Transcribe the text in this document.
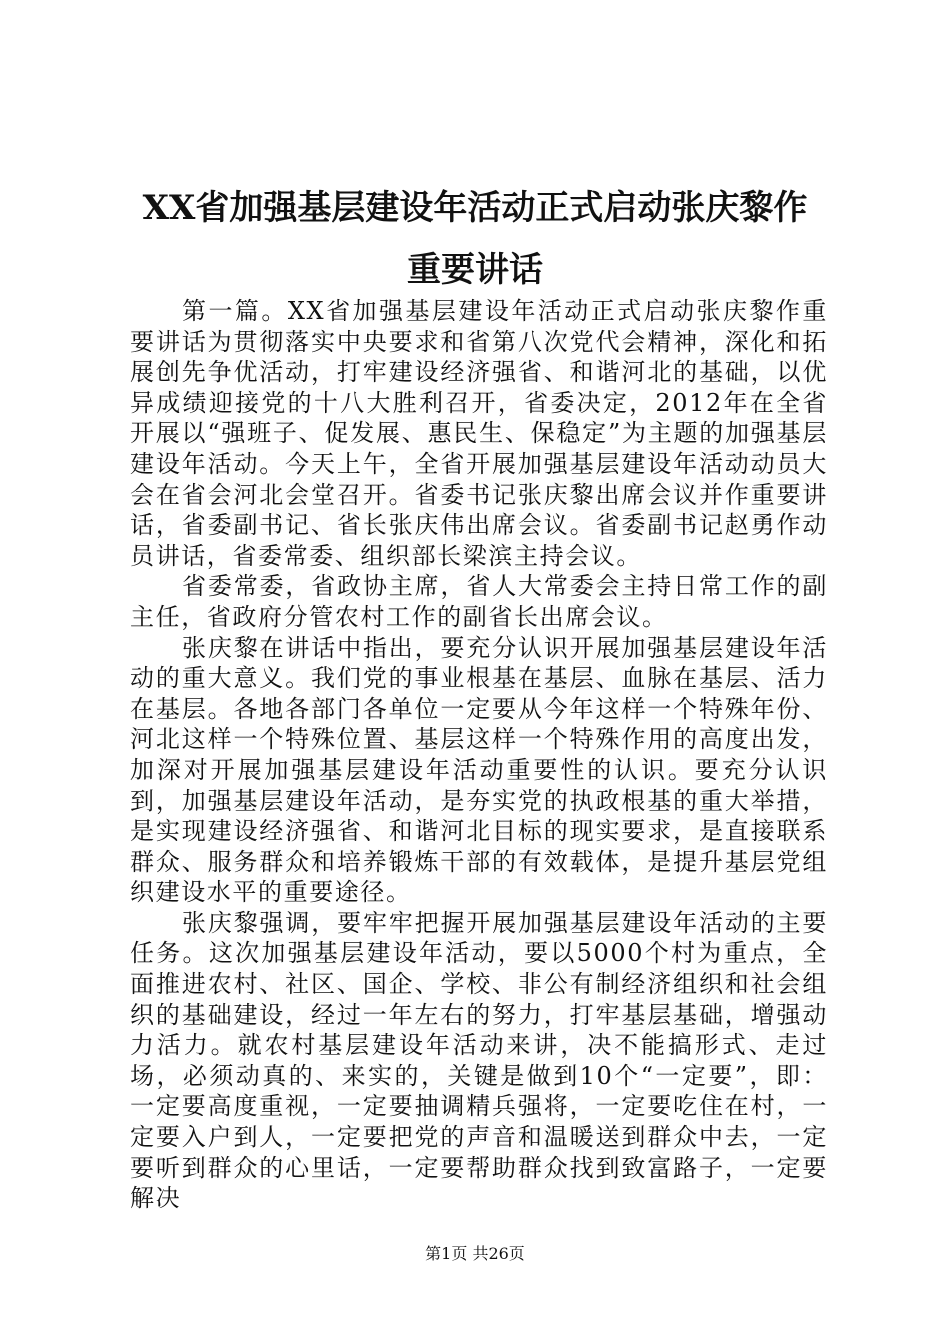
XX省加强基层建设年活动正式启动张庆黎作
重要讲话

第一篇。XX省加强基层建设年活动正式启动张庆黎作重要讲话为贯彻落实中央要求和省第八次党代会精神，深化和拓展创先争优活动，打牢建设经济强省、和谐河北的基础，以优异成绩迎接党的十八大胜利召开，省委决定，2012年在全省开展以“强班子、促发展、惠民生、保稳定”为主题的加强基层建设年活动。今天上午，全省开展加强基层建设年活动动员大会在省会河北会堂召开。省委书记张庆黎出席会议并作重要讲话，省委副书记、省长张庆伟出席会议。省委副书记赵勇作动员讲话，省委常委、组织部长梁滨主持会议。

省委常委，省政协主席，省人大常委会主持日常工作的副主任，省政府分管农村工作的副省长出席会议。

张庆黎在讲话中指出，要充分认识开展加强基层建设年活动的重大意义。我们党的事业根基在基层、血脉在基层、活力在基层。各地各部门各单位一定要从今年这样一个特殊年份、河北这样一个特殊位置、基层这样一个特殊作用的高度出发，加深对开展加强基层建设年活动重要性的认识。要充分认识到，加强基层建设年活动，是夯实党的执政根基的重大举措，是实现建设经济强省、和谐河北目标的现实要求，是直接联系群众、服务群众和培养锻炼干部的有效载体，是提升基层党组织建设水平的重要途径。

张庆黎强调，要牢牢把握开展加强基层建设年活动的主要任务。这次加强基层建设年活动，要以5000个村为重点，全面推进农村、社区、国企、学校、非公有制经济组织和社会组织的基础建设，经过一年左右的努力，打牢基层基础，增强动力活力。就农村基层建设年活动来讲，决不能搞形式、走过场，必须动真的、来实的，关键是做到10个“一定要”，即：一定要高度重视，一定要抽调精兵强将，一定要吃住在村，一定要入户到人，一定要把党的声音和温暖送到群众中去，一定要听到群众的心里话，一定要帮助群众找到致富路子，一定要解决

第1页 共26页
